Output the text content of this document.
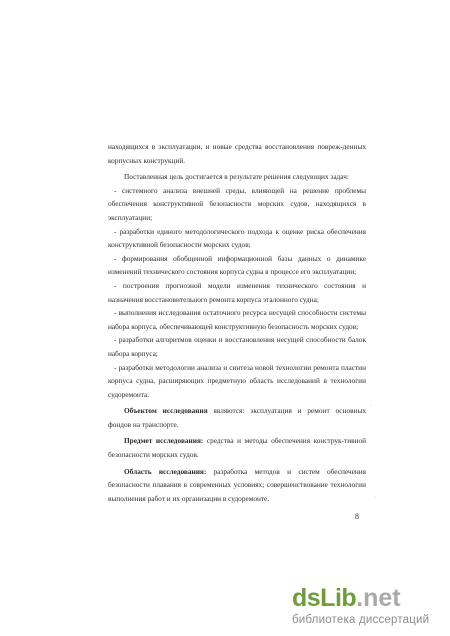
находящихся в эксплуатации, и новые средства восстановления повреж-денных корпусных конструкций.

Поставленная цель достигается в результате решения следующих задач:

- системного анализа внешней среды, влияющей на решение проблемы обеспечения конструктивной безопасности морских судов, находящихся в эксплуатации;

- разработки единого методологического подхода к оценке риска обеспечения конструктивной безопасности морских судов;

- формирования обобщенной информационной базы данных о динамике изменений технического состояния корпуса судна в процессе его эксплуатации;

- построения прогнозной модели изменения технического состояния и назначения восстановительного ремонта корпуса эталонного судна;

- выполнения исследования остаточного ресурса несущей способности системы набора корпуса, обеспечивающей конструктивную безопасность морских судов;

- разработки алгоритмов оценки и восстановления несущей способности балок набора корпуса;

- разработки методологии анализа и синтеза новой технологии ремонта пластин корпуса судна, расширяющих предметную область исследований в технологии судоремонта.

Объектом исследования являются: эксплуатация и ремонт основных фондов на транспорте.

Предмет исследования: средства и методы обеспечения конструк-тивной безопасности морских судов.

Область исследования: разработка методов и систем обеспечения безопасности плавания в современных условиях; совершенствование технологии выполнения работ и их организации в судоремонте.

8
·
·
dsLib.net
библиотека диссертаций
